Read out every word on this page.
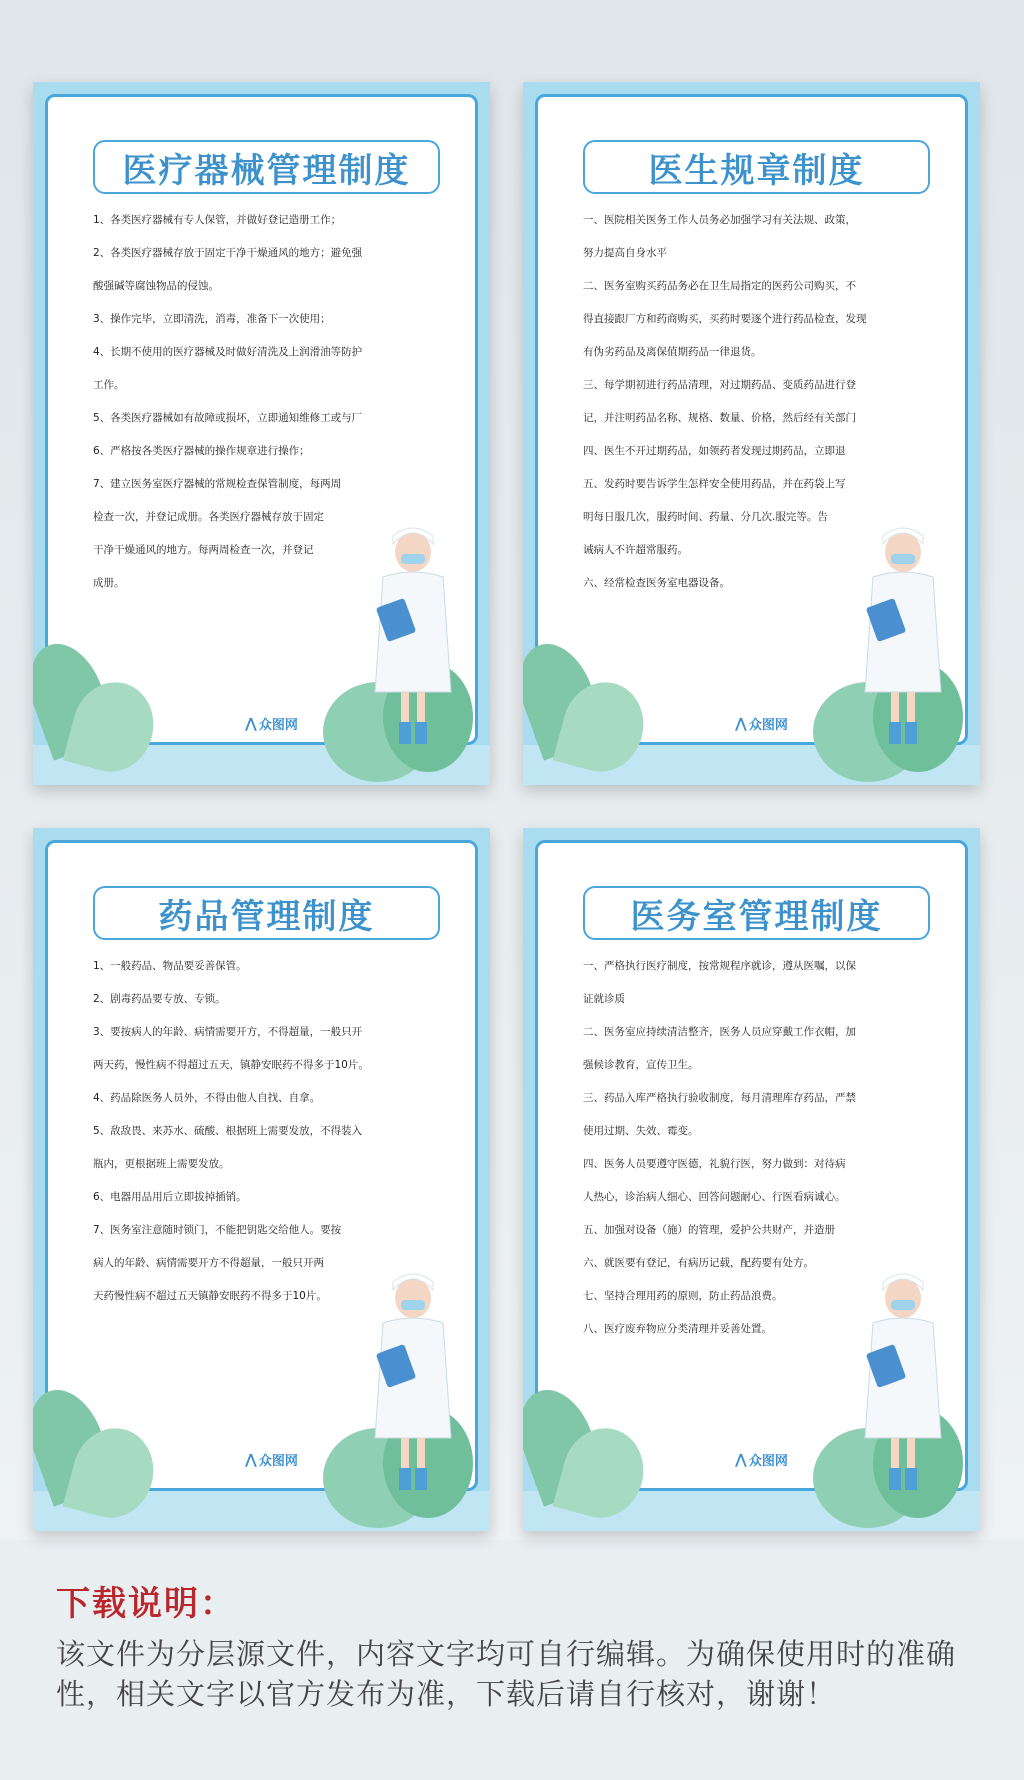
医疗器械管理制度
1、各类医疗器械有专人保管，并做好登记造册工作；
2、各类医疗器械存放于固定干净干燥通风的地方；避免强
酸强碱等腐蚀物品的侵蚀。
3、操作完毕，立即清洗，消毒，准备下一次使用；
4、长期不使用的医疗器械及时做好清洗及上润滑油等防护
工作。
5、各类医疗器械如有故障或损坏，立即通知维修工或与厂
6、严格按各类医疗器械的操作规章进行操作；
7、建立医务室医疗器械的常规检查保管制度，每两周
检查一次，并登记成册。各类医疗器械存放于固定
干净干燥通风的地方。每两周检查一次，并登记
成册。
⋀ 众图网
医生规章制度
一、医院相关医务工作人员务必加强学习有关法规、政策，
努力提高自身水平
二、医务室购买药品务必在卫生局指定的医药公司购买，不
得直接跟厂方和药商购买，买药时要逐个进行药品检查，发现
有伪劣药品及离保值期药品一律退货。
三、每学期初进行药品清理，对过期药品、变质药品进行登
记，并注明药品名称、规格、数量、价格，然后经有关部门
四、医生不开过期药品，如领药者发现过期药品，立即退
五、发药时要告诉学生怎样安全使用药品，并在药袋上写
明每日服几次，服药时间、药量、分几次.服完等。告
诫病人不许超常服药。
六、经常检查医务室电器设备。
⋀ 众图网
药品管理制度
1、一般药品、物品要妥善保管。
2、剧毒药品要专放、专锁。
3、要按病人的年龄、病情需要开方，不得超量，一般只开
两天药，慢性病不得超过五天，镇静安眠药不得多于10片。
4、药品除医务人员外，不得由他人自找、自拿。
5、敌敌畏、来苏水、硫酸、根据班上需要发放，不得装入
瓶内，更根据班上需要发放。
6、电器用品用后立即拔掉插销。
7、医务室注意随时锁门，不能把钥匙交给他人。要按
病人的年龄、病情需要开方不得超量，一般只开两
天药慢性病不超过五天镇静安眠药不得多于10片。
⋀ 众图网
医务室管理制度
一、严格执行医疗制度，按常规程序就诊，遵从医嘱，以保
证就诊质
二、医务室应持续清洁整齐，医务人员应穿戴工作衣帽，加
强候诊教育，宣传卫生。
三、药品入库严格执行验收制度，每月清理库存药品，严禁
使用过期、失效、霉变。
四、医务人员要遵守医德，礼貌行医，努力做到：对待病
人热心，诊治病人细心、回答问题耐心、行医看病诚心。
五、加强对设备（施）的管理，爱护公共财产，并造册
六、就医要有登记，有病历记载，配药要有处方。
七、坚持合理用药的原则，防止药品浪费。
八、医疗废弃物应分类清理并妥善处置。
⋀ 众图网
下载说明：
该文件为分层源文件，内容文字均可自行编辑。为确保使用时的准确性，相关文字以官方发布为准，下载后请自行核对，谢谢！
